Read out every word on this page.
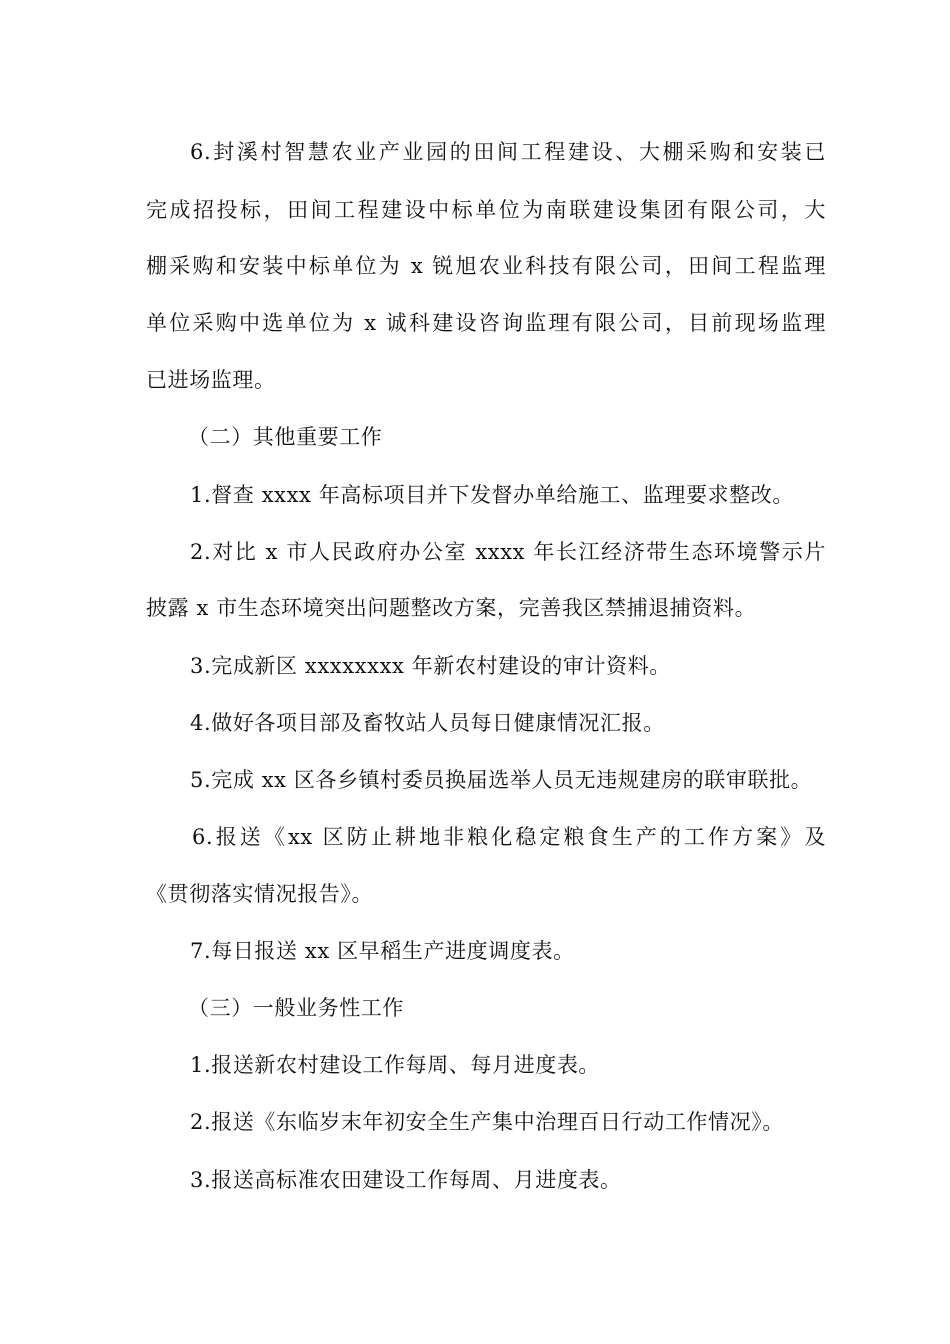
6.封溪村智慧农业产业园的田间工程建设、大棚采购和安装已
完成招投标，田间工程建设中标单位为南联建设集团有限公司，大
棚采购和安装中标单位为 x 锐旭农业科技有限公司，田间工程监理
单位采购中选单位为 x 诚科建设咨询监理有限公司，目前现场监理
已进场监理。
（二）其他重要工作
1.督查 xxxx 年高标项目并下发督办单给施工、监理要求整改。
2.对比 x 市人民政府办公室 xxxx 年长江经济带生态环境警示片
披露 x 市生态环境突出问题整改方案，完善我区禁捕退捕资料。
3.完成新区 xxxxxxxx 年新农村建设的审计资料。
4.做好各项目部及畜牧站人员每日健康情况汇报。
5.完成 xx 区各乡镇村委员换届选举人员无违规建房的联审联批。
6.报送《xx 区防止耕地非粮化稳定粮食生产的工作方案》及
《贯彻落实情况报告》。
7.每日报送 xx 区早稻生产进度调度表。
（三）一般业务性工作
1.报送新农村建设工作每周、每月进度表。
2.报送《东临岁末年初安全生产集中治理百日行动工作情况》。
3.报送高标准农田建设工作每周、月进度表。
